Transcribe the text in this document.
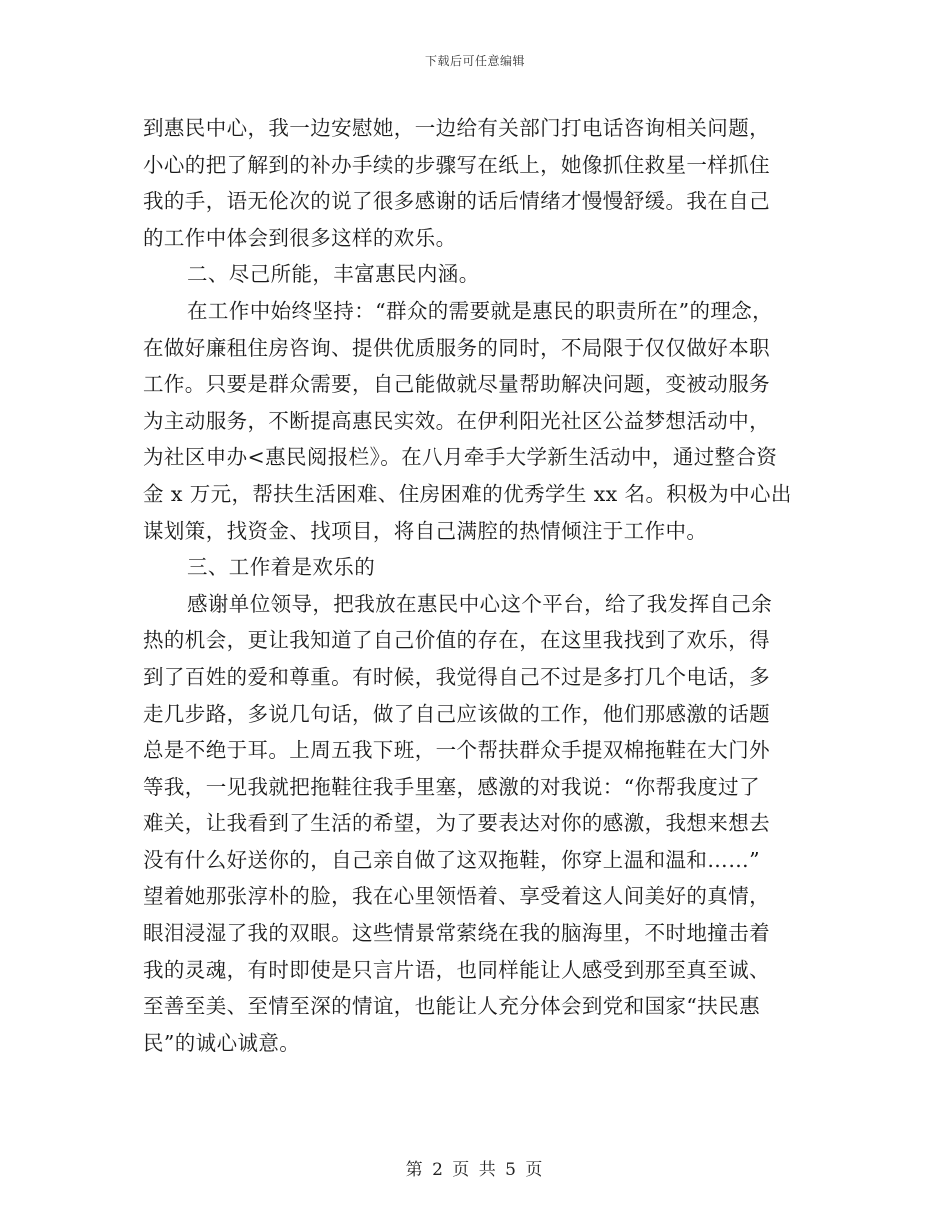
下载后可任意编辑
到惠民中心，我一边安慰她，一边给有关部门打电话咨询相关问题，
小心的把了解到的补办手续的步骤写在纸上，她像抓住救星一样抓住
我的手，语无伦次的说了很多感谢的话后情绪才慢慢舒缓。我在自己
的工作中体会到很多这样的欢乐。
二、尽己所能，丰富惠民内涵。
在工作中始终坚持：“群众的需要就是惠民的职责所在”的理念，
在做好廉租住房咨询、提供优质服务的同时，不局限于仅仅做好本职
工作。只要是群众需要，自己能做就尽量帮助解决问题，变被动服务
为主动服务，不断提高惠民实效。在伊利阳光社区公益梦想活动中，
为社区申办<惠民阅报栏》。在八月牵手大学新生活动中，通过整合资
金 x 万元，帮扶生活困难、住房困难的优秀学生 xx 名。积极为中心出
谋划策，找资金、找项目，将自己满腔的热情倾注于工作中。
三、工作着是欢乐的
感谢单位领导，把我放在惠民中心这个平台，给了我发挥自己余
热的机会，更让我知道了自己价值的存在，在这里我找到了欢乐，得
到了百姓的爱和尊重。有时候，我觉得自己不过是多打几个电话，多
走几步路，多说几句话，做了自己应该做的工作，他们那感激的话题
总是不绝于耳。上周五我下班，一个帮扶群众手提双棉拖鞋在大门外
等我，一见我就把拖鞋往我手里塞，感激的对我说：“你帮我度过了
难关，让我看到了生活的希望，为了要表达对你的感激，我想来想去
没有什么好送你的，自己亲自做了这双拖鞋，你穿上温和温和……”
望着她那张淳朴的脸，我在心里领悟着、享受着这人间美好的真情，
眼泪浸湿了我的双眼。这些情景常萦绕在我的脑海里，不时地撞击着
我的灵魂，有时即使是只言片语，也同样能让人感受到那至真至诚、
至善至美、至情至深的情谊，也能让人充分体会到党和国家“扶民惠
民”的诚心诚意。
第 2 页 共 5 页
